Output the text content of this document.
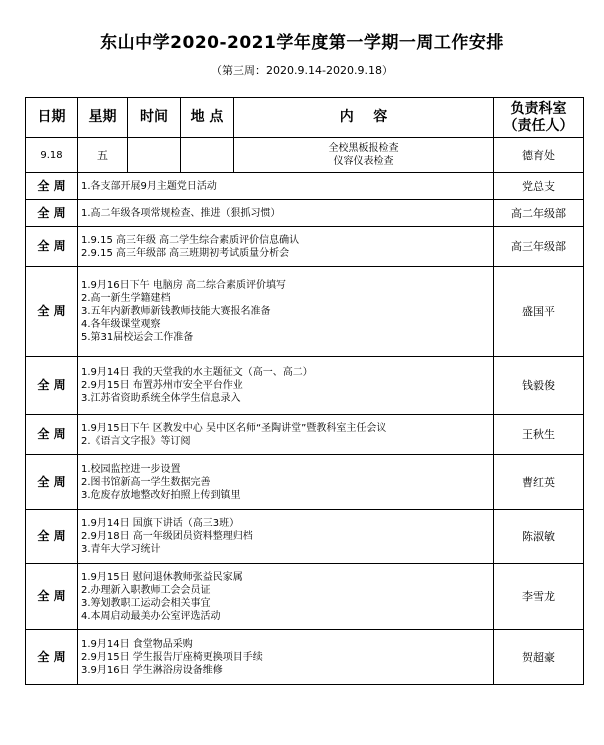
东山中学2020-2021学年度第一学期一周工作安排
（第三周：2020.9.14-2020.9.18）
日期	星期	时间	地 点	内    容	负责科室
（责任人）

9.18	五			全校黑板报检查
仪容仪表检查	德育处
全 周	1.各支部开展9月主题党日活动				党总支
全 周	1.高二年级各项常规检查、推进（狠抓习惯）				高二年级部
全 周	1.9.15 高三年级 高二学生综合素质评价信息确认
2.9.15 高三年级部 高三班期初考试质量分析会				高三年级部
全 周	1.9月16日下午 电脑房 高二综合素质评价填写
2.高一新生学籍建档
3.五年内新教师新钱教师技能大赛报名准备
4.各年级课堂观察
5.第31届校运会工作准备				盛国平
全 周	1.9月14日 我的天堂我的水主题征文（高一、高二）
2.9月15日 布置苏州市安全平台作业
3.江苏省资助系统全体学生信息录入				钱毅俊
全 周	1.9月15日下午 区教发中心 吴中区名师“圣陶讲堂”暨教科室主任会议
2.《语言文字报》等订阅				王秋生
全 周	1.校园监控进一步设置
2.图书馆新高一学生数据完善
3.危废存放地整改好拍照上传到镇里				曹红英
全 周	1.9月14日 国旗下讲话（高三3班）
2.9月18日 高一年级团员资料整理归档
3.青年大学习统计				陈淑敏
全 周	1.9月15日 慰问退休教师张益民家属
2.办理新入职教师工会会员证
3.筹划教职工运动会相关事宜
4.本周启动最美办公室评选活动				李雪龙
全 周	1.9月14日 食堂物品采购
2.9月15日 学生报告厅座椅更换项目手续
3.9月16日 学生淋浴房设备维修				贺超豪
